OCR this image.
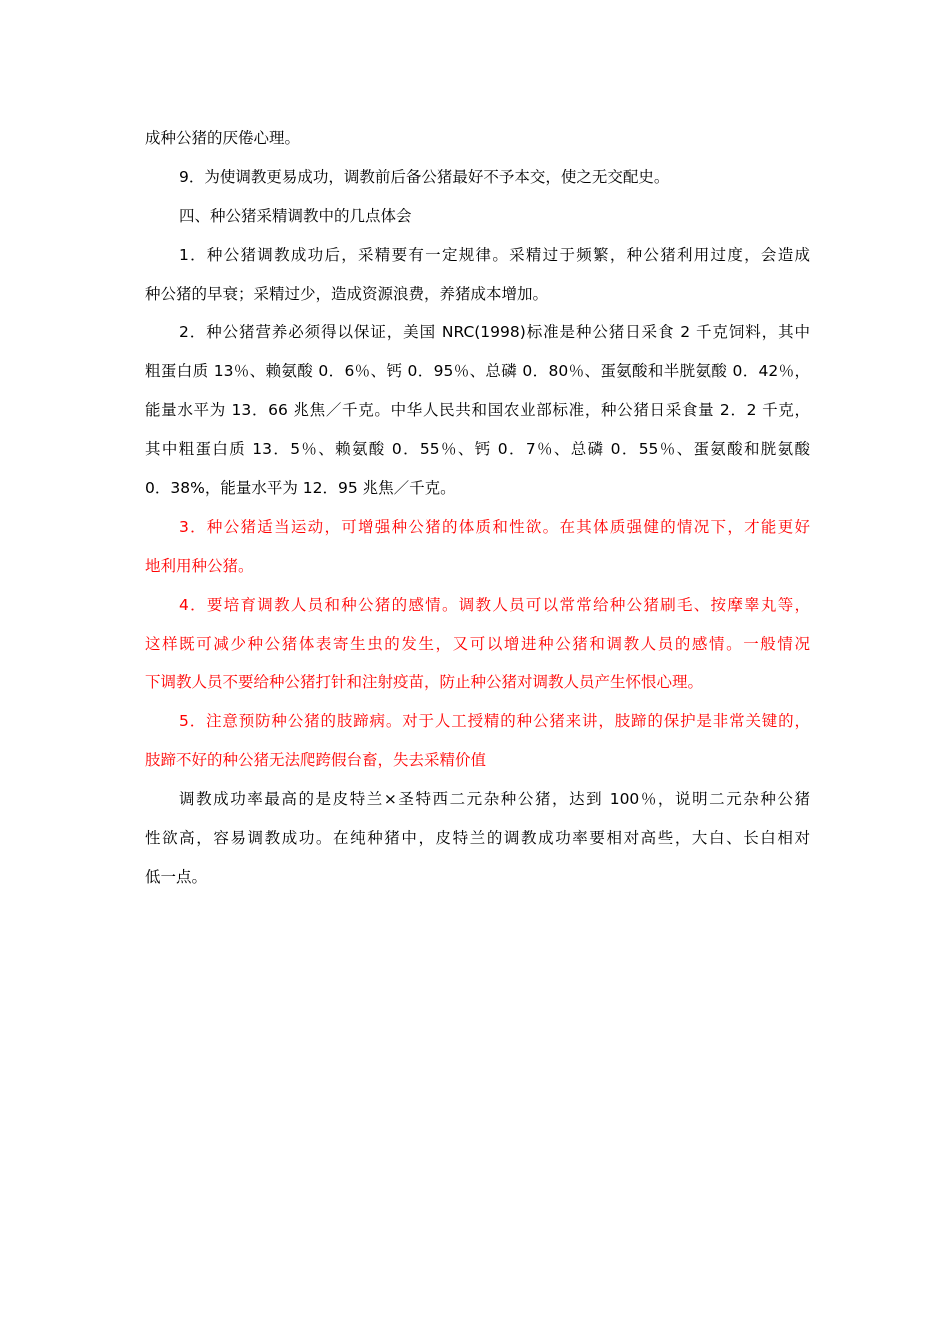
成种公猪的厌倦心理。
9．为使调教更易成功，调教前后备公猪最好不予本交，使之无交配史。
四、种公猪采精调教中的几点体会
1．种公猪调教成功后，采精要有一定规律。采精过于频繁，种公猪利用过度，会造成
种公猪的早衰；采精过少，造成资源浪费，养猪成本增加。
2．种公猪营养必须得以保证，美国 NRC(1998)标准是种公猪日采食 2 千克饲料，其中
粗蛋白质 13％、赖氨酸 0．6％、钙 0．95％、总磷 0．80％、蛋氨酸和半胱氨酸 0．42％，
能量水平为 13．66 兆焦／千克。中华人民共和国农业部标准，种公猪日采食量 2．2 千克，
其中粗蛋白质 13．5％、赖氨酸 0．55％、钙 0．7％、总磷 0．55％、蛋氨酸和胱氨酸
0．38%，能量水平为 12．95 兆焦／千克。
3．种公猪适当运动，可增强种公猪的体质和性欲。在其体质强健的情况下，才能更好
地利用种公猪。
4．要培育调教人员和种公猪的感情。调教人员可以常常给种公猪刷毛、按摩睾丸等，
这样既可减少种公猪体表寄生虫的发生，又可以增进种公猪和调教人员的感情。一般情况
下调教人员不要给种公猪打针和注射疫苗，防止种公猪对调教人员产生怀恨心理。
5．注意预防种公猪的肢蹄病。对于人工授精的种公猪来讲，肢蹄的保护是非常关键的，
肢蹄不好的种公猪无法爬跨假台畜，失去采精价值
调教成功率最高的是皮特兰×圣特西二元杂种公猪，达到 100％，说明二元杂种公猪
性欲高，容易调教成功。在纯种猪中，皮特兰的调教成功率要相对高些，大白、长白相对
低一点。
